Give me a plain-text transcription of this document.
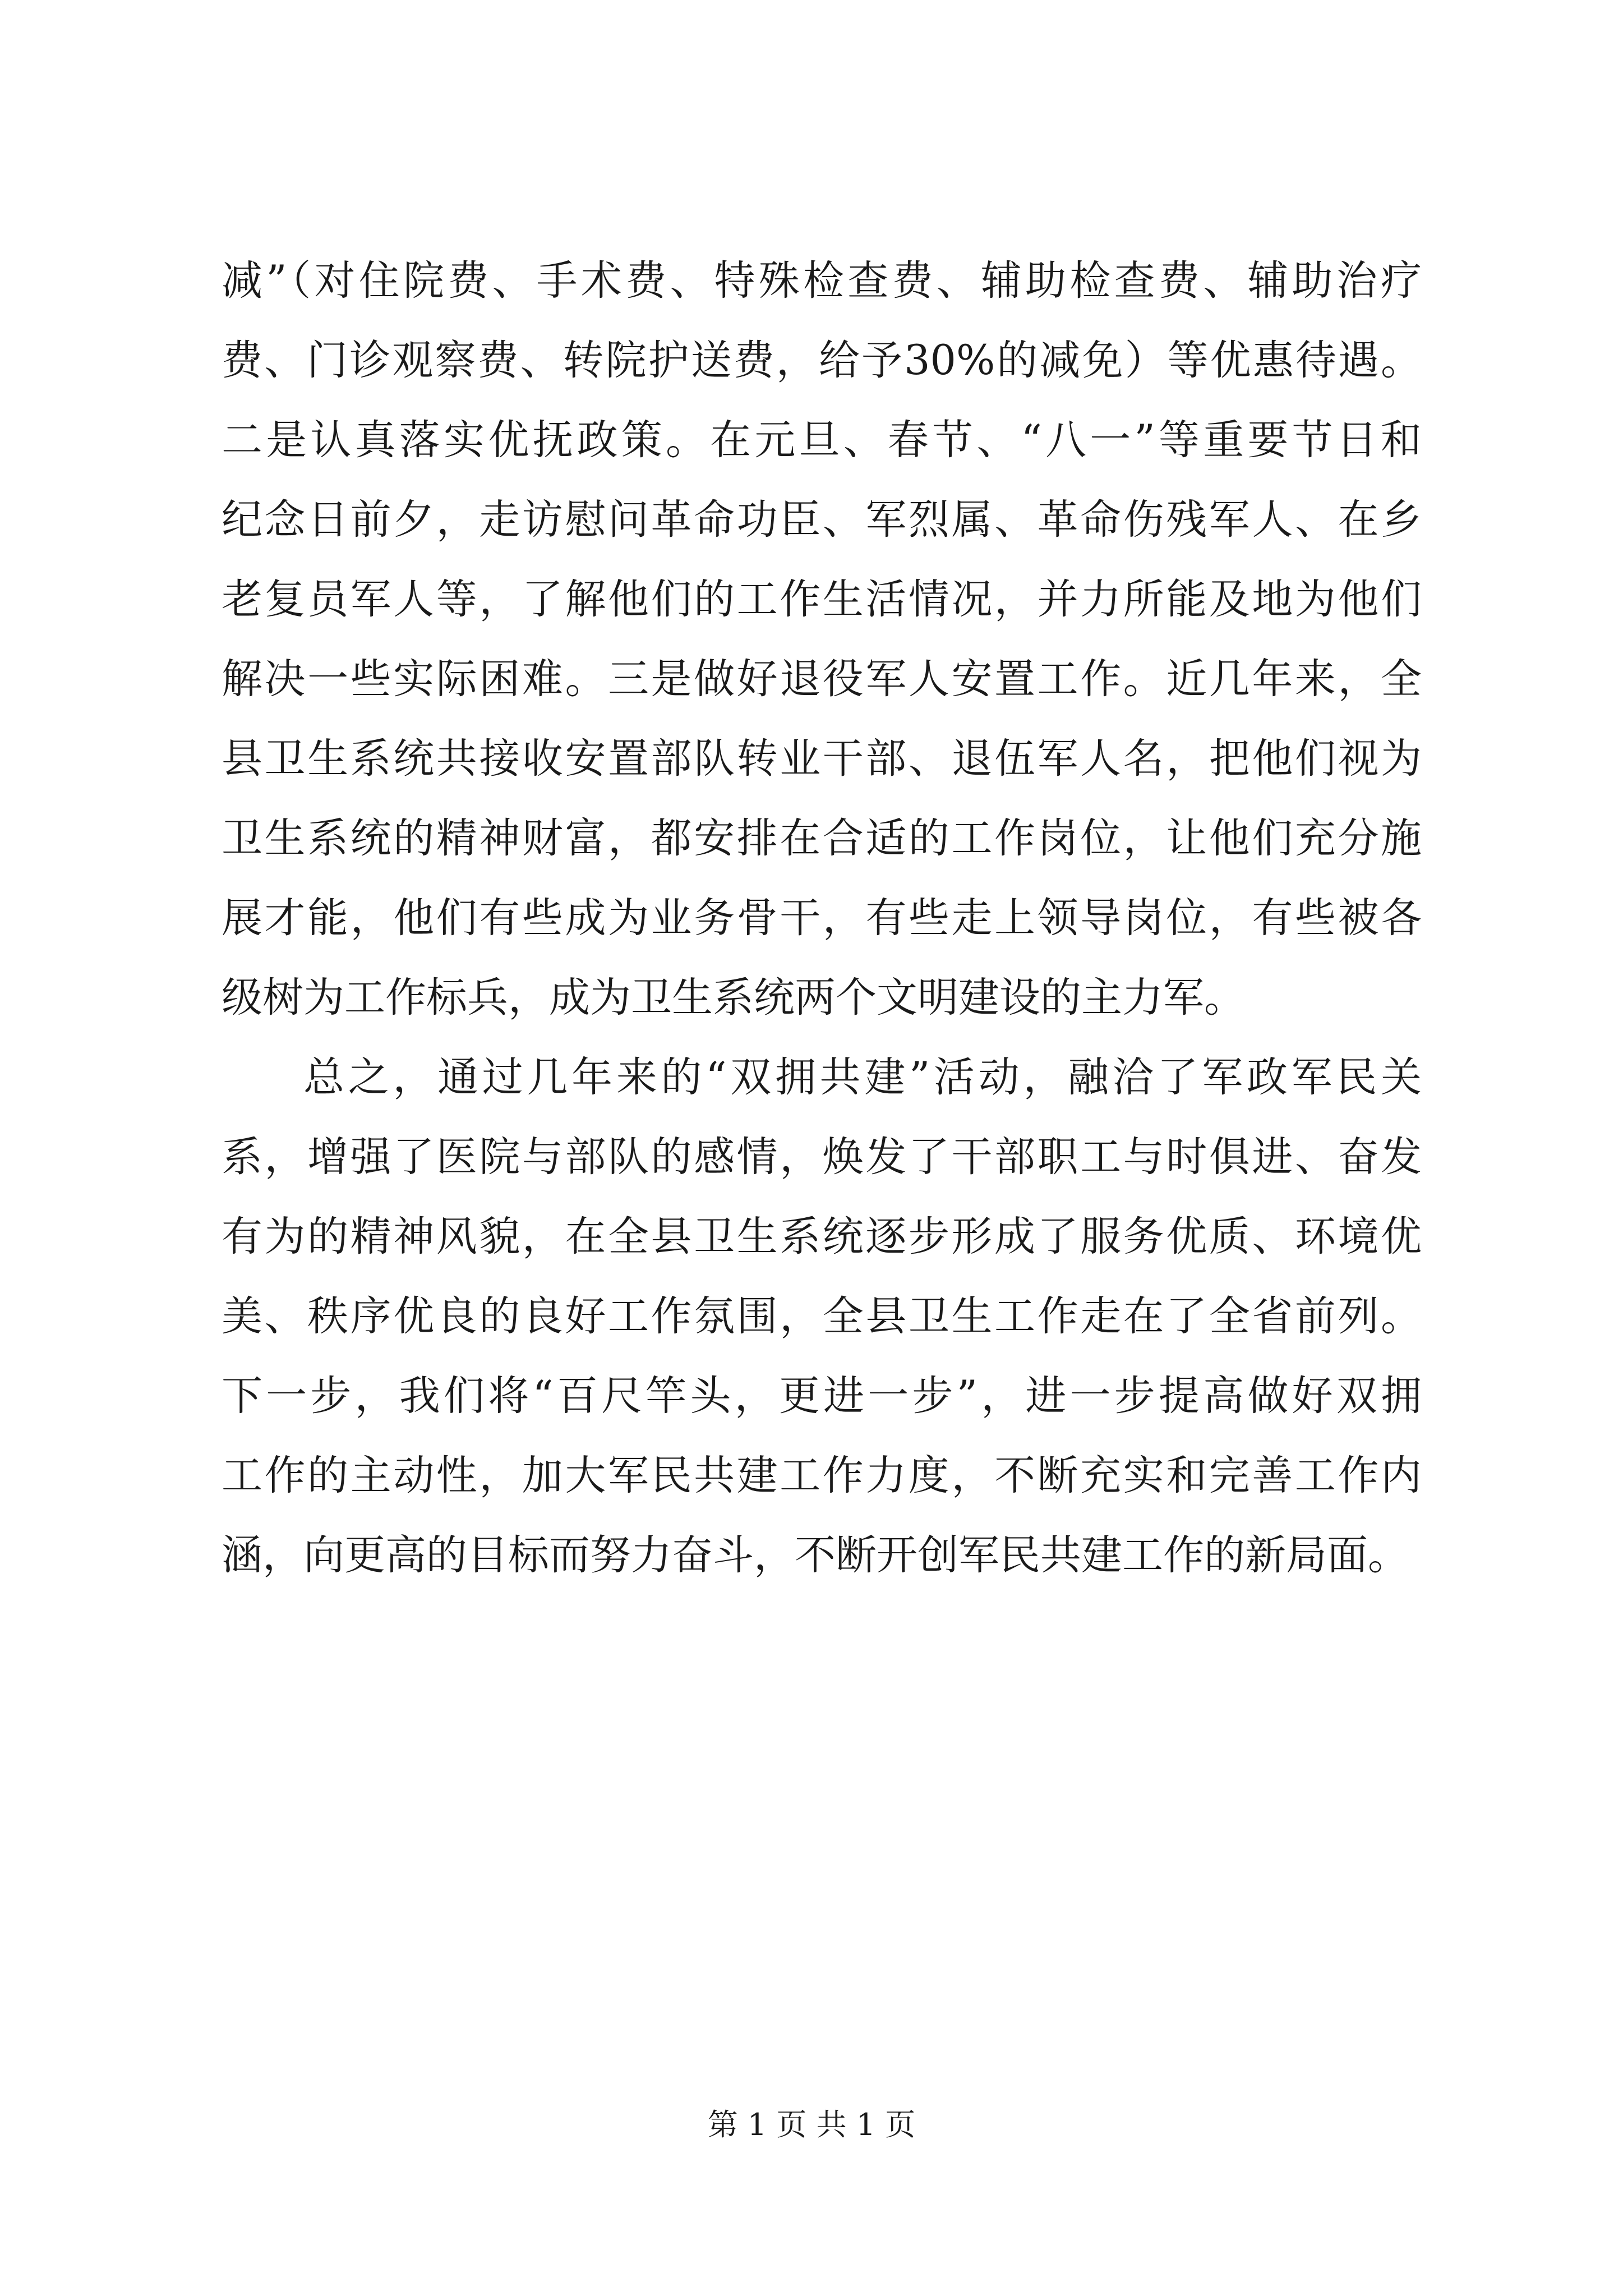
减”（对住院费、手术费、特殊检查费、辅助检查费、辅助治疗
费、门诊观察费、转院护送费，给予30%的减免）等优惠待遇。
二是认真落实优抚政策。在元旦、春节、“八一”等重要节日和
纪念日前夕，走访慰问革命功臣、军烈属、革命伤残军人、在乡
老复员军人等，了解他们的工作生活情况，并力所能及地为他们
解决一些实际困难。三是做好退役军人安置工作。近几年来，全
县卫生系统共接收安置部队转业干部、退伍军人名，把他们视为
卫生系统的精神财富，都安排在合适的工作岗位，让他们充分施
展才能，他们有些成为业务骨干，有些走上领导岗位，有些被各
级树为工作标兵，成为卫生系统两个文明建设的主力军。
总之，通过几年来的“双拥共建”活动，融洽了军政军民关
系，增强了医院与部队的感情，焕发了干部职工与时俱进、奋发
有为的精神风貌，在全县卫生系统逐步形成了服务优质、环境优
美、秩序优良的良好工作氛围，全县卫生工作走在了全省前列。
下一步，我们将“百尺竿头，更进一步”，进一步提高做好双拥
工作的主动性，加大军民共建工作力度，不断充实和完善工作内
涵，向更高的目标而努力奋斗，不断开创军民共建工作的新局面。
第 1 页 共 1 页
